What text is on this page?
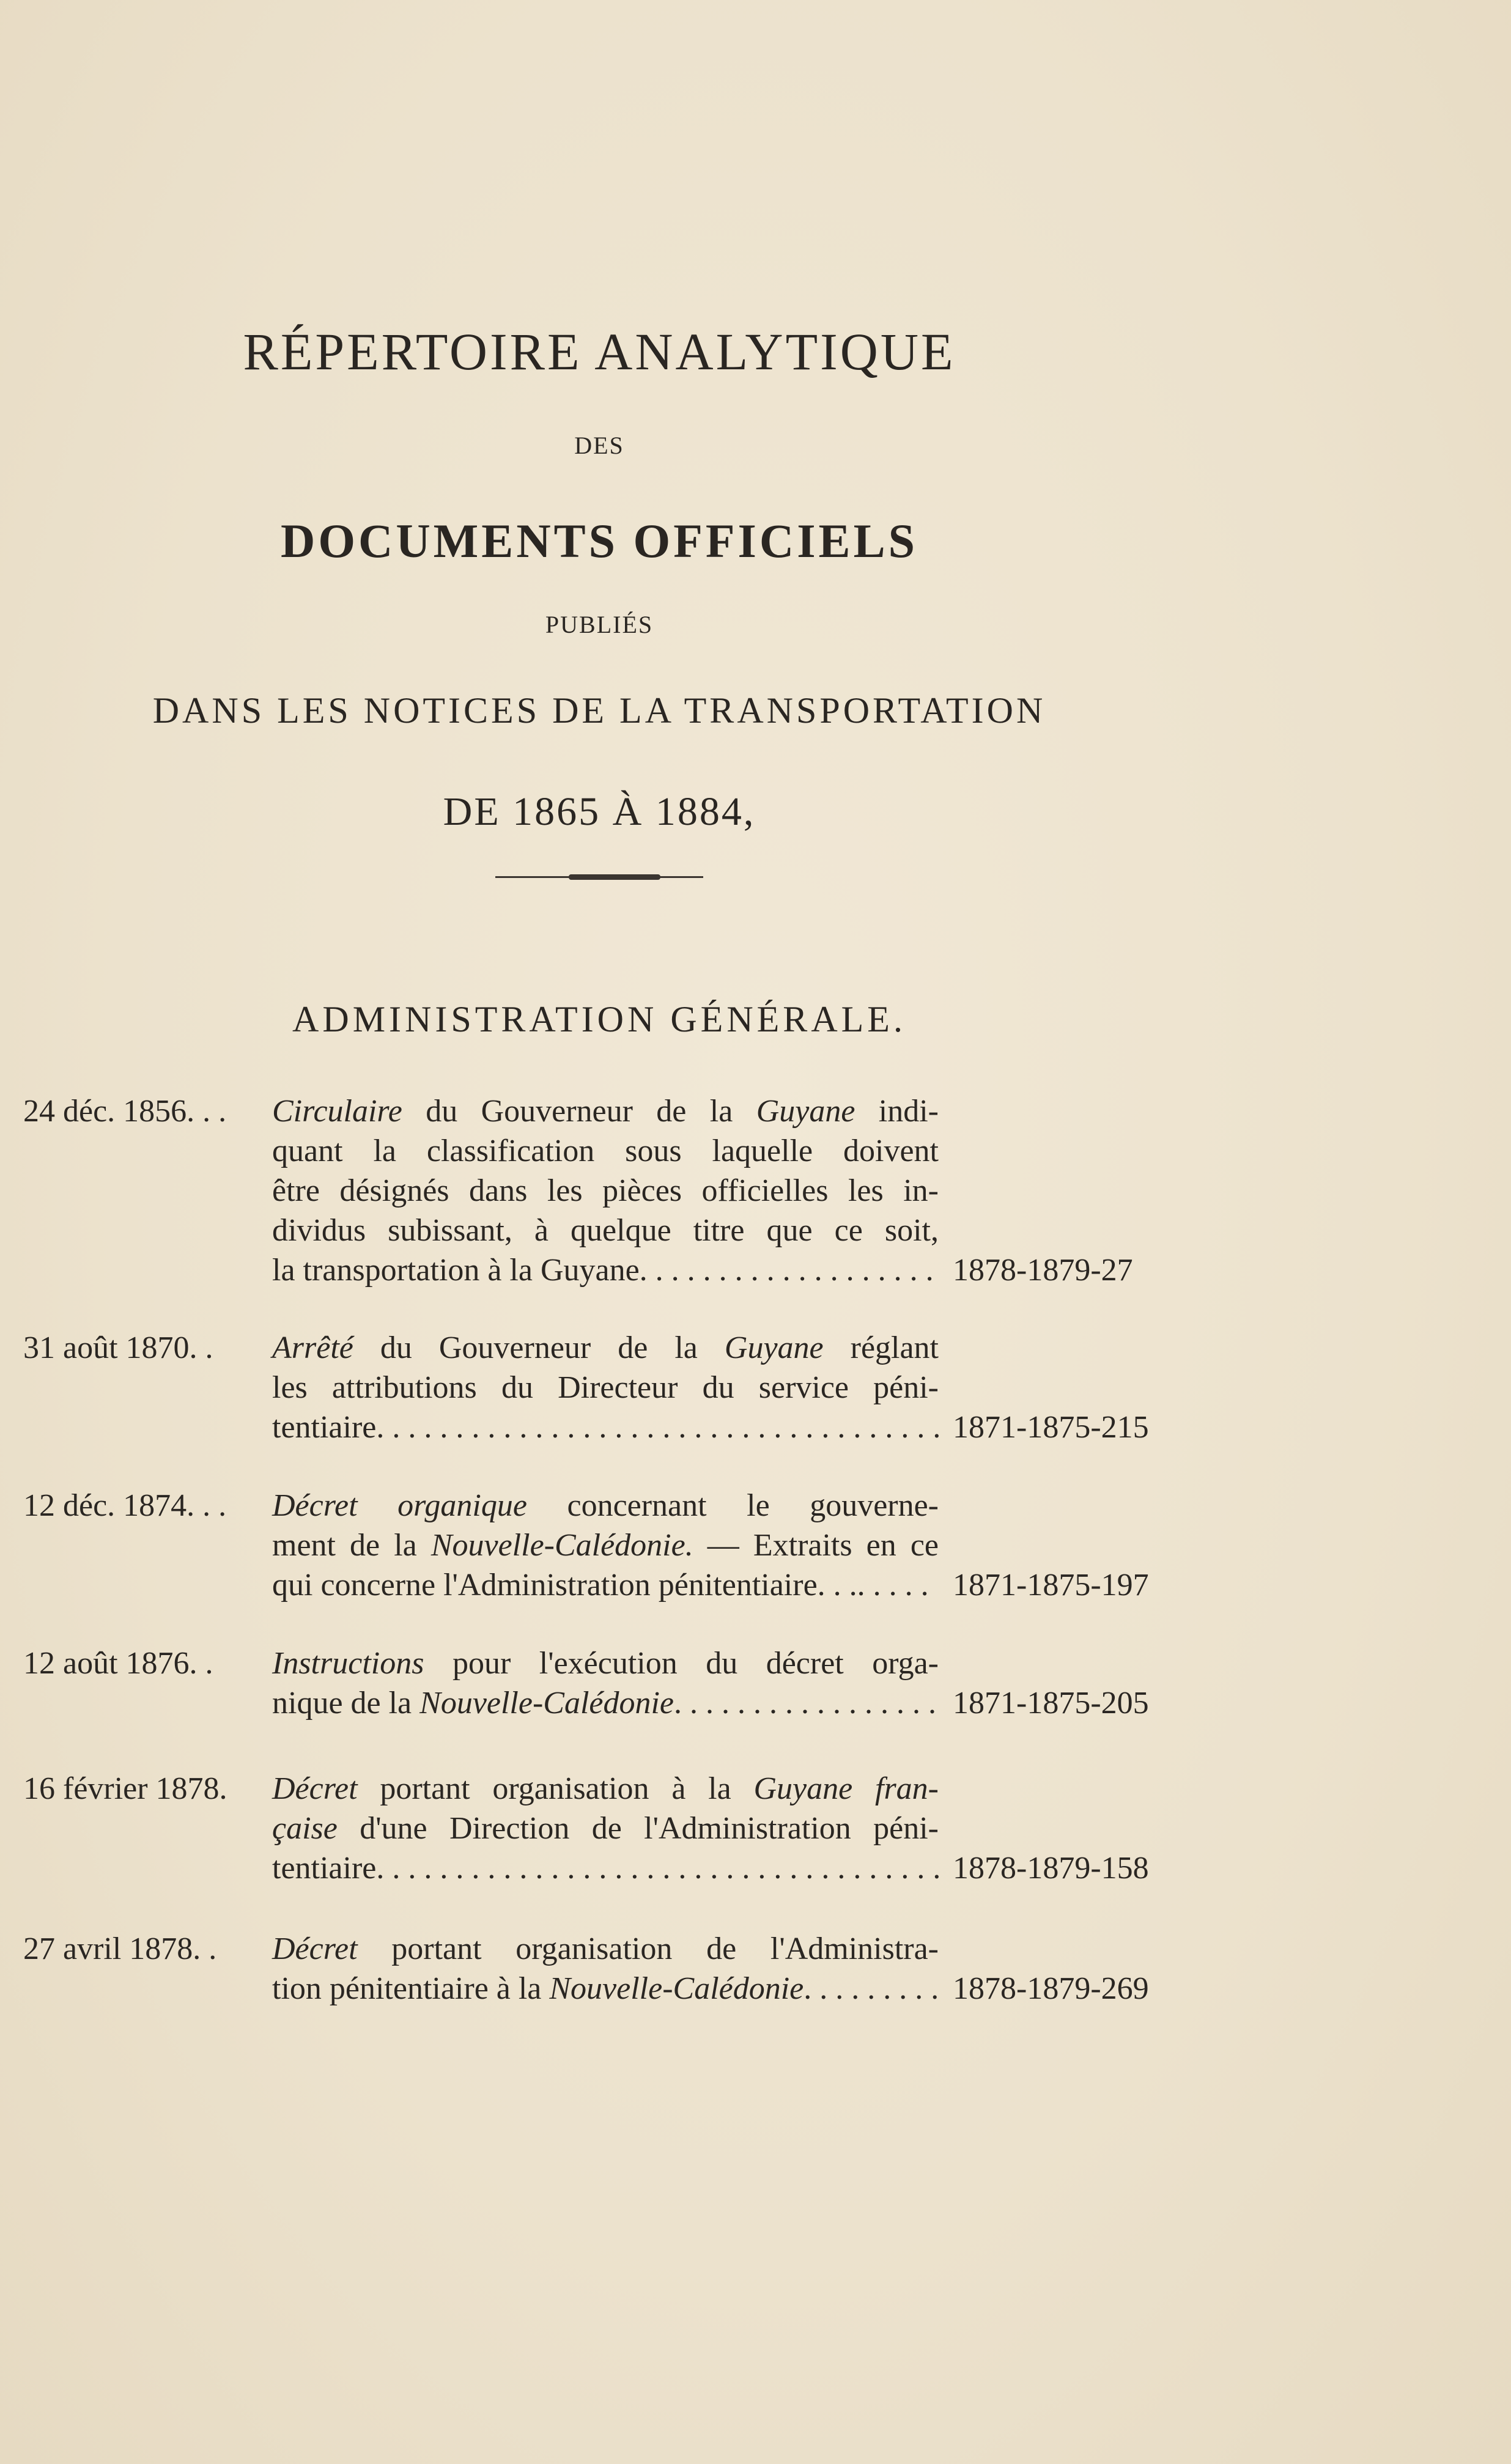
RÉPERTOIRE ANALYTIQUE
DES
DOCUMENTS OFFICIELS
PUBLIÉS
DANS LES NOTICES DE LA TRANSPORTATION
DE 1865 À 1884,
ADMINISTRATION GÉNÉRALE.
24 déc. 1856. . . Circulaire du Gouverneur de la Guyane indi-
quant la classification sous laquelle doivent
être désignés dans les pièces officielles les in-
dividus subissant, à quelque titre que ce soit,
la transportation à la Guyane . . .	1878-1879-27
31 août 1870. . Arrêté du Gouverneur de la Guyane réglant
les attributions du Directeur du service péni-
tentiaire . . .	1871-1875-215
12 déc. 1874. . . Décret organique concernant le gouverne-
ment de la Nouvelle-Calédonie. — Extraits en ce
qui concerne l'Administration pénitentiaire. . . . . .	1871-1875-197
12 août 1876. . Instructions pour l'exécution du décret orga-
nique de la Nouvelle-Calédonie . . .	1871-1875-205
16 février 1878. Décret portant organisation à la Guyane fran-
çaise d'une Direction de l'Administration péni-
tentiaire . . .	1878-1879-158
27 avril 1878. . Décret portant organisation de l'Administra-
tion pénitentiaire à la Nouvelle-Calédonie . . .	1878-1879-269
